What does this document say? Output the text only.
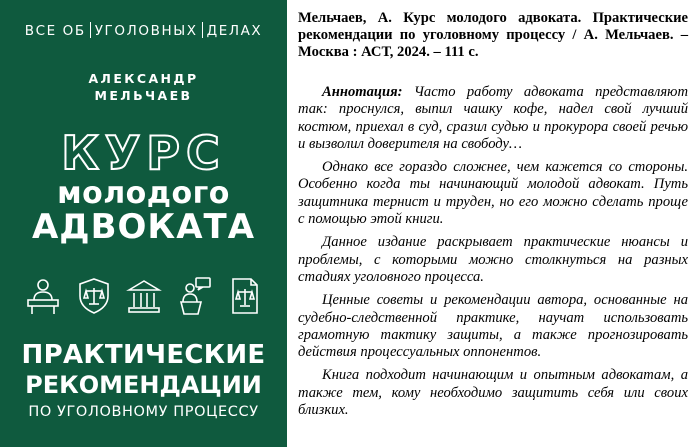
ВСЕ ОБ УГОЛОВНЫХ ДЕЛАХ
АЛЕКСАНДР
МЕЛЬЧАЕВ
КУРС
молодого
АДВОКАТА
ПРАКТИЧЕСКИЕ
РЕКОМЕНДАЦИИ
ПО УГОЛОВНОМУ ПРОЦЕССУ

Мельчаев, А. Курс молодого адвоката. Практические рекомендации по уголовному процессу / А. Мельчаев. – Москва : АСТ, 2024. – 111 с.

Аннотация: Часто работу адвоката представляют так: проснулся, выпил чашку кофе, надел свой лучший костюм, приехал в суд, сразил судью и прокурора своей речью и вызволил доверителя на свободу…

Однако все гораздо сложнее, чем кажется со стороны. Особенно когда ты начинающий молодой адвокат. Путь защитника тернист и труден, но его можно сделать проще с помощью этой книги.

Данное издание раскрывает практические нюансы и проблемы, с которыми можно столкнуться на разных стадиях уголовного процесса.

Ценные советы и рекомендации автора, основанные на судебно-следственной практике, научат использовать грамотную тактику защиты, а также прогнозировать действия процессуальных оппонентов.

Книга подходит начинающим и опытным адвокатам, а также тем, кому необходимо защитить себя или своих близких.
